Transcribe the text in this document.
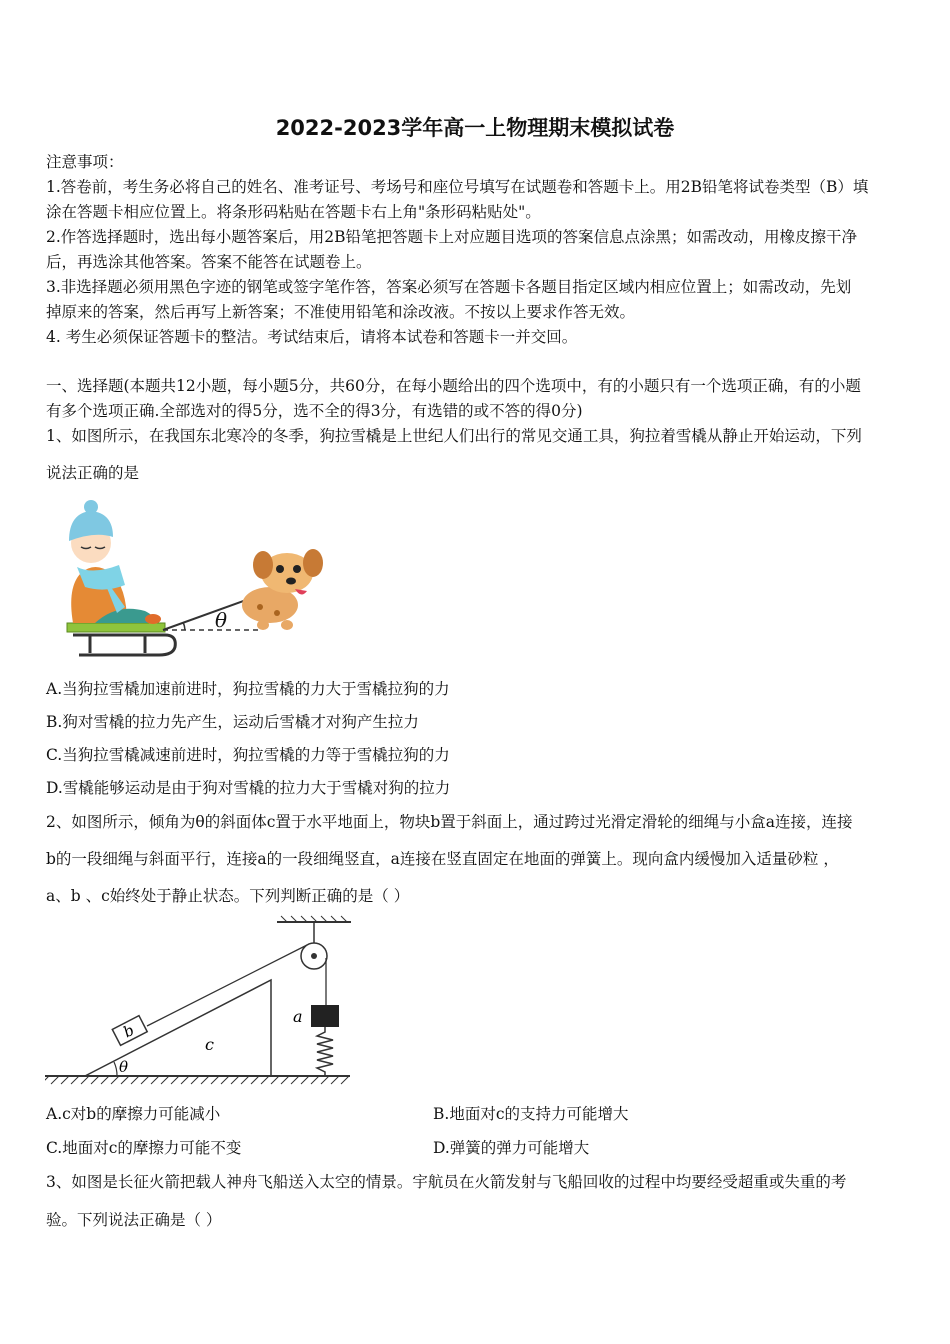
2022-2023学年高一上物理期末模拟试卷
注意事项：
1.答卷前，考生务必将自己的姓名、准考证号、考场号和座位号填写在试题卷和答题卡上。用2B铅笔将试卷类型（B）填
涂在答题卡相应位置上。将条形码粘贴在答题卡右上角"条形码粘贴处"。
2.作答选择题时，选出每小题答案后，用2B铅笔把答题卡上对应题目选项的答案信息点涂黑；如需改动，用橡皮擦干净
后，再选涂其他答案。答案不能答在试题卷上。
3.非选择题必须用黑色字迹的钢笔或签字笔作答，答案必须写在答题卡各题目指定区域内相应位置上；如需改动，先划
掉原来的答案，然后再写上新答案；不准使用铅笔和涂改液。不按以上要求作答无效。
4. 考生必须保证答题卡的整洁。考试结束后，请将本试卷和答题卡一并交回。
一、选择题(本题共12小题，每小题5分，共60分，在每小题给出的四个选项中，有的小题只有一个选项正确，有的小题
有多个选项正确.全部选对的得5分，选不全的得3分，有选错的或不答的得0分)
1、如图所示，在我国东北寒冷的冬季，狗拉雪橇是上世纪人们出行的常见交通工具，狗拉着雪橇从静止开始运动，下列
说法正确的是
θ
A.当狗拉雪橇加速前进时，狗拉雪橇的力大于雪橇拉狗的力
B.狗对雪橇的拉力先产生，运动后雪橇才对狗产生拉力
C.当狗拉雪橇减速前进时，狗拉雪橇的力等于雪橇拉狗的力
D.雪橇能够运动是由于狗对雪橇的拉力大于雪橇对狗的拉力
2、如图所示，倾角为θ的斜面体c置于水平地面上，物块b置于斜面上，通过跨过光滑定滑轮的细绳与小盒a连接，连接
b的一段细绳与斜面平行，连接a的一段细绳竖直，a连接在竖直固定在地面的弹簧上。现向盒内缓慢加入适量砂粒 ，
a、b 、c始终处于静止状态。下列判断正确的是（ ）
θ
c
b
a
A.c对b的摩擦力可能减小	B.地面对c的支持力可能增大
C.地面对c的摩擦力可能不变	D.弹簧的弹力可能增大
3、如图是长征火箭把载人神舟飞船送入太空的情景。宇航员在火箭发射与飞船回收的过程中均要经受超重或失重的考
验。下列说法正确是（ ）
